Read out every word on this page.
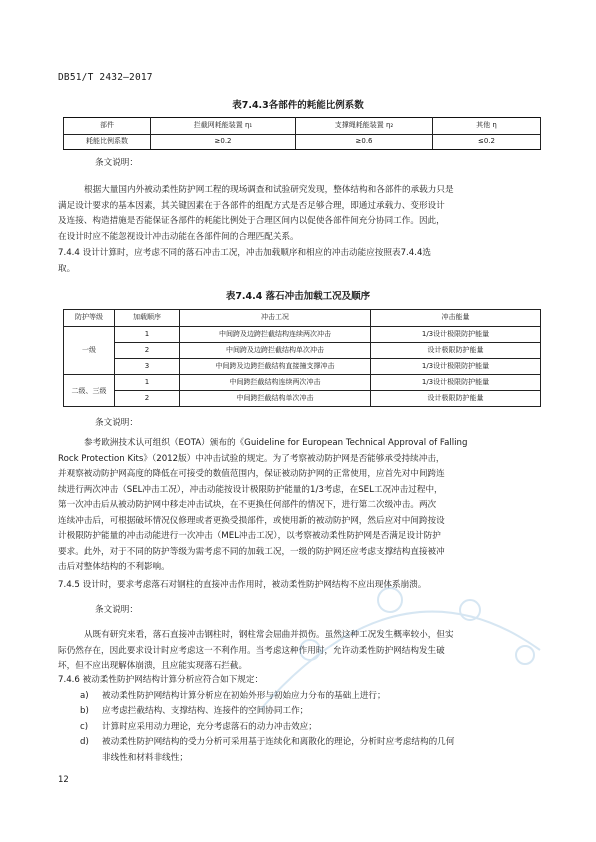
DB51/T 2432—2017
表7.4.3各部件的耗能比例系数
部件	拦截网耗能装置 η₁	支撑绳耗能装置 η₂	其他 η
耗能比例系数	≥0.2	≥0.6	≤0.2
条文说明：
根据大量国内外被动柔性防护网工程的现场调查和试验研究发现，整体结构和各部件的承载力只是
满足设计要求的基本因素，其关键因素在于各部件的组配方式是否足够合理，即通过承载力、变形设计
及连接、构造措施是否能保证各部件的耗能比例处于合理区间内以促使各部件间充分协同工作。因此，
在设计时应不能忽视设计冲击动能在各部件间的合理匹配关系。
7.4.4 设计计算时，应考虑不同的落石冲击工况，冲击加载顺序和相应的冲击动能应按照表7.4.4选
取。
表7.4.4 落石冲击加载工况及顺序
防护等级	加载顺序	冲击工况	冲击能量
一级	1	中间跨及边跨拦截结构连续两次冲击	1/3设计极限防护能量
	2	中间跨及边跨拦截结构单次冲击	设计极限防护能量
	3	中间跨及边跨拦截结构直接撞支撑冲击	1/3设计极限防护能量
二级、三级	1	中间跨拦截结构连续两次冲击	1/3设计极限防护能量
	2	中间跨拦截结构单次冲击	设计极限防护能量
条文说明：
参考欧洲技术认可组织（EOTA）颁布的《Guideline for European Technical Approval of Falling
Rock Protection Kits》（2012版）中冲击试验的规定。为了考察被动防护网是否能够承受持续冲击，
并观察被动防护网高度的降低在可接受的数值范围内，保证被动防护网的正常使用，应首先对中间跨连
续进行两次冲击（SEL冲击工况），冲击动能按设计极限防护能量的1/3考虑，在SEL工况冲击过程中，
第一次冲击后从被动防护网中移走冲击试块，在不更换任何部件的情况下，进行第二次级冲击。两次
连续冲击后，可根据破坏情况仪修理或者更换受损部件，或使用新的被动防护网，然后应对中间跨按设
计极限防护能量的冲击动能进行一次冲击（MEL冲击工况），以考察被动柔性防护网是否满足设计防护
要求。此外，对于不同的防护等级为需考虑不同的加载工况，一级的防护网还应考虑支撑结构直接被冲
击后对整体结构的不利影响。
7.4.5 设计时，要求考虑落石对钢柱的直接冲击作用时，被动柔性防护网结构不应出现体系崩溃。
条文说明：
从既有研究来看，落石直接冲击钢柱时，钢柱常会屈曲并损伤。虽然这种工况发生概率较小，但实
际仍然存在，因此要求设计时应考虑这一不利作用。当考虑这种作用时，允许动柔性防护网结构发生破
坏，但不应出现解体崩溃，且应能实现落石拦截。
7.4.6 被动柔性防护网结构计算分析应符合如下规定：
a) 被动柔性防护网结构计算分析应在初始外形与初始应力分布的基础上进行；
b) 应考虑拦截结构、支撑结构、连接件的空间协同工作；
c) 计算时应采用动力理论，充分考虑落石的动力冲击效应；
d) 被动柔性防护网结构的受力分析可采用基于连续化和离散化的理论，分析时应考虑结构的几何
非线性和材料非线性；
12
